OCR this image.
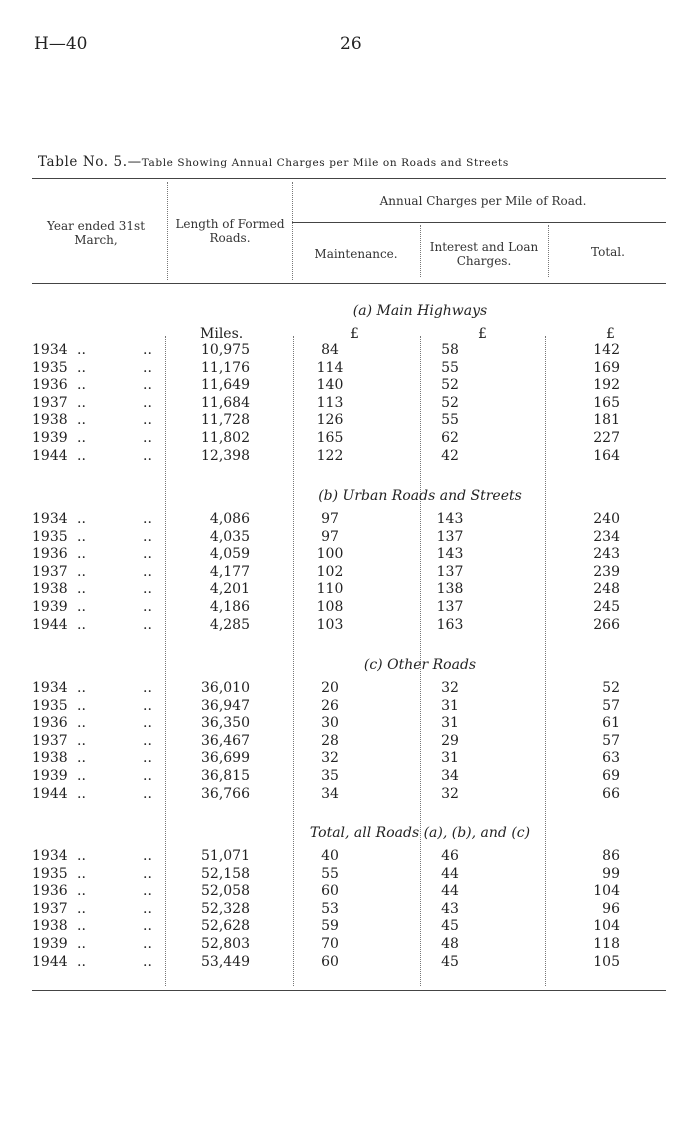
H—40	26
Table No. 5.—Table Showing Annual Charges per Mile on Roads and Streets
Year ended 31st March,
Length of Formed Roads.
Annual Charges per Mile of Road.
Maintenance.	Interest and Loan Charges.
Total.
Miles.	£	£	£
(a) Main Highways
1934 ..	..	10,975	84	58	142
1935 ..	..	11,176	114	55	169
1936 ..	..	11,649	140	52	192
1937 ..	..	11,684	113	52	165
1938 ..	..	11,728	126	55	181
1939 ..	..	11,802	165	62	227
1944 ..	..	12,398	122	42	164
(b) Urban Roads and Streets
1934 ..	..	4,086	97	143	240
1935 ..	..	4,035	97	137	234
1936 ..	..	4,059	100	143	243
1937 ..	..	4,177	102	137	239
1938 ..	..	4,201	110	138	248
1939 ..	..	4,186	108	137	245
1944 ..	..	4,285	103	163	266
(c) Other Roads
1934 ..	..	36,010	20	32	52
1935 ..	..	36,947	26	31	57
1936 ..	..	36,350	30	31	61
1937 ..	..	36,467	28	29	57
1938 ..	..	36,699	32	31	63
1939 ..	..	36,815	35	34	69
1944 ..	..	36,766	34	32	66
Total, all Roads (a), (b), and (c)
1934 ..	..	51,071	40	46	86
1935 ..	..	52,158	55	44	99
1936 ..	..	52,058	60	44	104
1937 ..	..	52,328	53	43	96
1938 ..	..	52,628	59	45	104
1939 ..	..	52,803	70	48	118
1944 ..	..	53,449	60	45	105
